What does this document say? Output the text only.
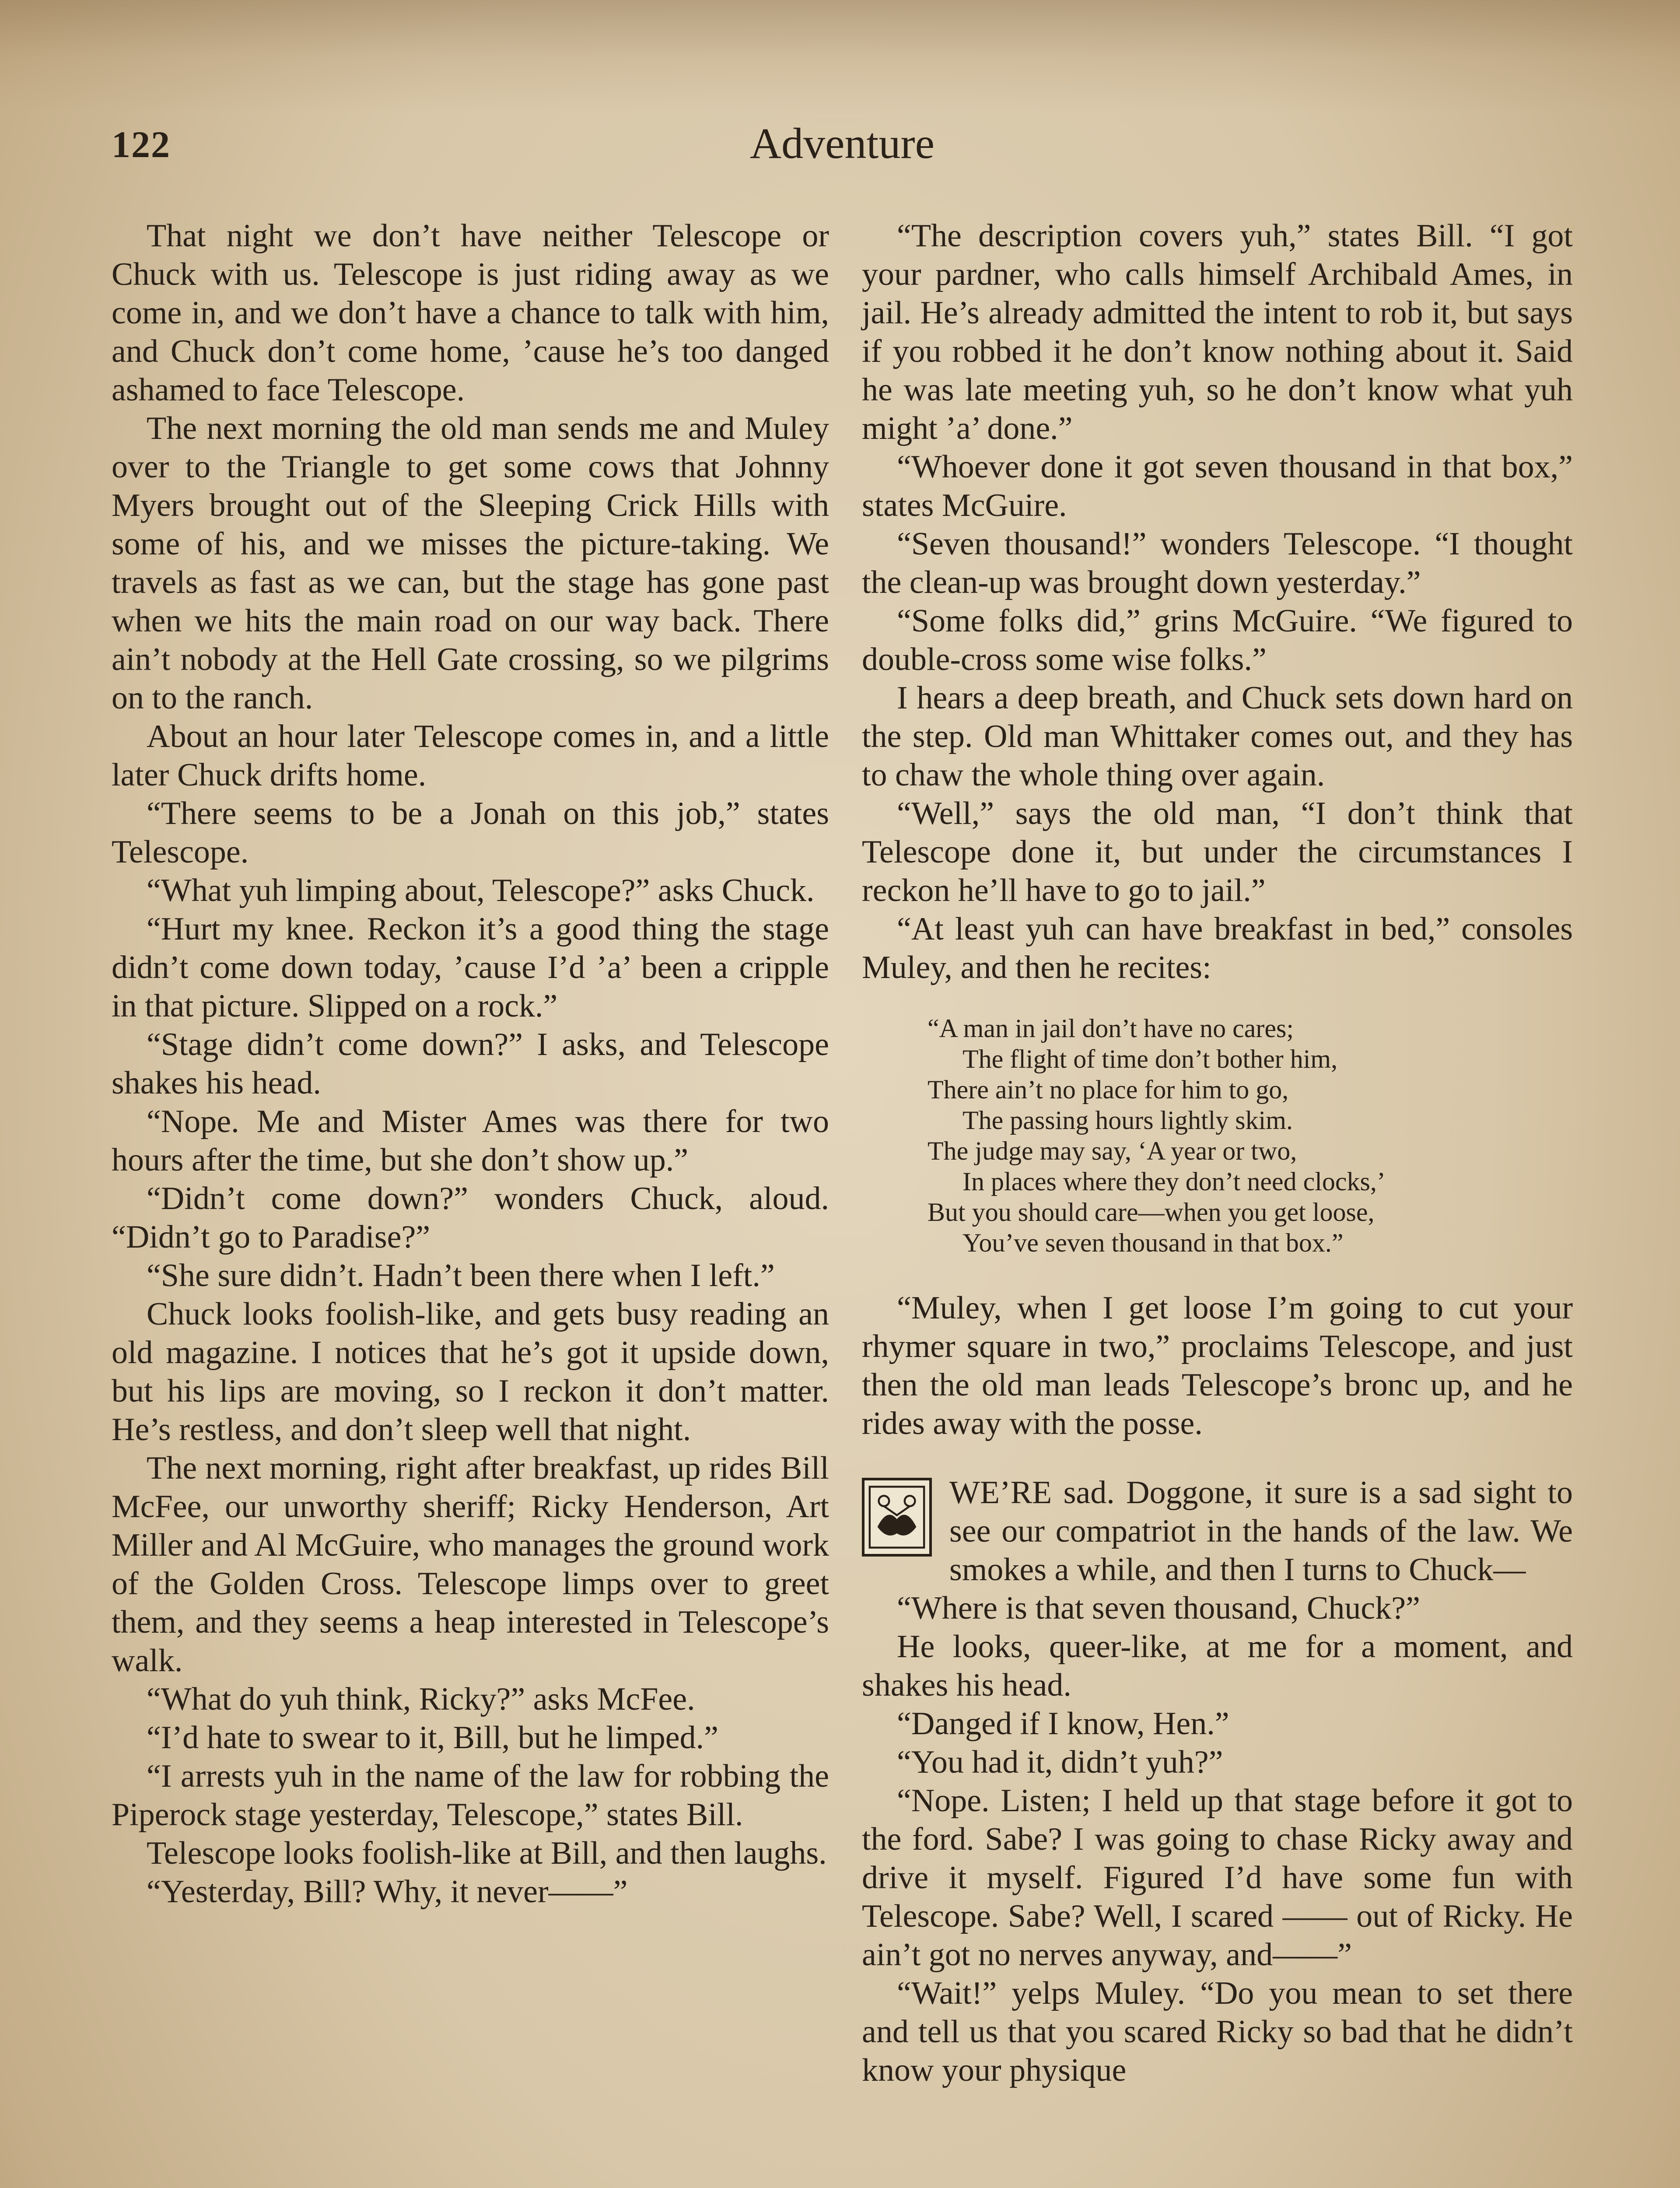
122	Adventure

That night we don’t have neither Telescope or Chuck with us. Telescope is just riding away as we come in, and we don’t have a chance to talk with him, and Chuck don’t come home, ’cause he’s too danged ashamed to face Telescope.

The next morning the old man sends me and Muley over to the Triangle to get some cows that Johnny Myers brought out of the Sleeping Crick Hills with some of his, and we misses the picture-taking. We travels as fast as we can, but the stage has gone past when we hits the main road on our way back. There ain’t nobody at the Hell Gate crossing, so we pilgrims on to the ranch.

About an hour later Telescope comes in, and a little later Chuck drifts home.

“There seems to be a Jonah on this job,” states Telescope.

“What yuh limping about, Telescope?” asks Chuck.

“Hurt my knee. Reckon it’s a good thing the stage didn’t come down today, ’cause I’d ’a’ been a cripple in that picture. Slipped on a rock.”

“Stage didn’t come down?” I asks, and Telescope shakes his head.

“Nope. Me and Mister Ames was there for two hours after the time, but she don’t show up.”

“Didn’t come down?” wonders Chuck, aloud. “Didn’t go to Paradise?”

“She sure didn’t. Hadn’t been there when I left.”

Chuck looks foolish-like, and gets busy reading an old magazine. I notices that he’s got it upside down, but his lips are moving, so I reckon it don’t matter. He’s restless, and don’t sleep well that night.

The next morning, right after breakfast, up rides Bill McFee, our unworthy sheriff; Ricky Henderson, Art Miller and Al McGuire, who manages the ground work of the Golden Cross. Telescope limps over to greet them, and they seems a heap interested in Telescope’s walk.

“What do yuh think, Ricky?” asks McFee.

“I’d hate to swear to it, Bill, but he limped.”

“I arrests yuh in the name of the law for robbing the Piperock stage yesterday, Telescope,” states Bill.

Telescope looks foolish-like at Bill, and then laughs.

“Yesterday, Bill? Why, it never——”

“The description covers yuh,” states Bill. “I got your pardner, who calls himself Archibald Ames, in jail. He’s already admitted the intent to rob it, but says if you robbed it he don’t know nothing about it. Said he was late meeting yuh, so he don’t know what yuh might ’a’ done.”

“Whoever done it got seven thousand in that box,” states McGuire.

“Seven thousand!” wonders Telescope. “I thought the clean-up was brought down yesterday.”

“Some folks did,” grins McGuire. “We figured to double-cross some wise folks.”

I hears a deep breath, and Chuck sets down hard on the step. Old man Whittaker comes out, and they has to chaw the whole thing over again.

“Well,” says the old man, “I don’t think that Telescope done it, but under the circumstances I reckon he’ll have to go to jail.”

“At least yuh can have breakfast in bed,” consoles Muley, and then he recites:

“A man in jail don’t have no cares;
The flight of time don’t bother him,
There ain’t no place for him to go,
The passing hours lightly skim.
The judge may say, ‘A year or two,
In places where they don’t need clocks,’
But you should care—when you get loose,
You’ve seven thousand in that box.”

“Muley, when I get loose I’m going to cut your rhymer square in two,” proclaims Telescope, and just then the old man leads Telescope’s bronc up, and he rides away with the posse.

WE’RE sad. Doggone, it sure is a sad sight to see our compatriot in the hands of the law. We smokes a while, and then I turns to Chuck—

“Where is that seven thousand, Chuck?”

He looks, queer-like, at me for a moment, and shakes his head.

“Danged if I know, Hen.”

“You had it, didn’t yuh?”

“Nope. Listen; I held up that stage before it got to the ford. Sabe? I was going to chase Ricky away and drive it myself. Figured I’d have some fun with Telescope. Sabe? Well, I scared —— out of Ricky. He ain’t got no nerves anyway, and——”

“Wait!” yelps Muley. “Do you mean to set there and tell us that you scared Ricky so bad that he didn’t know your physique
